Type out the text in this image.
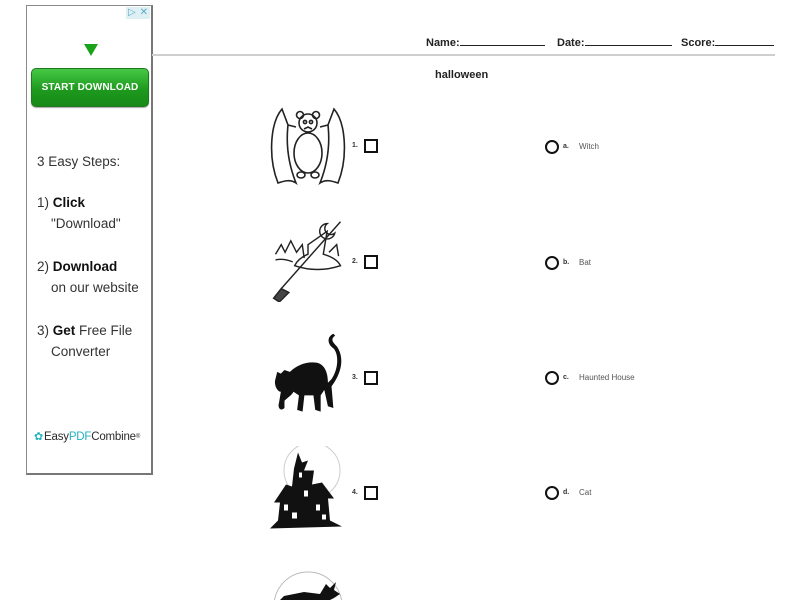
▷ ✕
START DOWNLOAD
3 Easy Steps:
1) Click
"Download"
2) Download
on our website
3) Get Free File
Converter
✿ Easy PDF Combine ®
Name:	Date:	Score:
halloween
1.
2.
3.
4.
a. Witch
b. Bat
c. Haunted House
d. Cat
